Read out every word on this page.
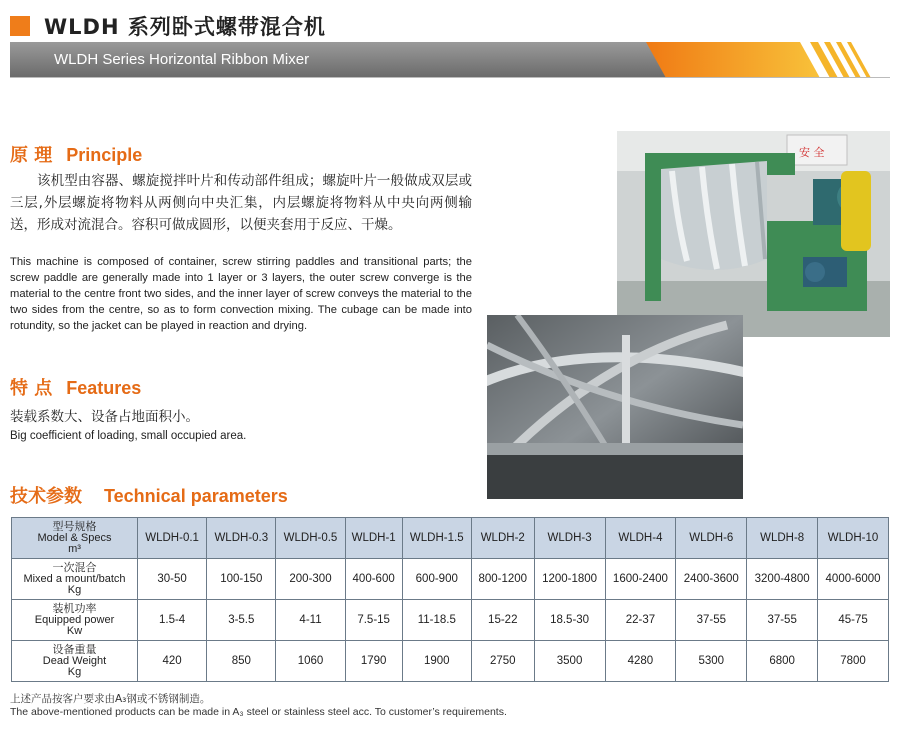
WLDH 系列卧式螺带混合机
WLDH Series Horizontal Ribbon Mixer
原 理 Principle
该机型由容器、螺旋搅拌叶片和传动部件组成；螺旋叶片一般做成双层或三层,外层螺旋将物料从两侧向中央汇集，内层螺旋将物料从中央向两侧输送，形成对流混合。容积可做成圆形，以便夹套用于反应、干燥。
This machine is composed of container, screw stirring paddles and transitional parts; the screw paddle are generally made into 1 layer or 3 layers, the outer screw converge is the material to the centre front two sides, and the inner layer of screw conveys the material to the two sides from the centre, so as to form convection mixing. The cubage can be made into rotundity, so the jacket can be played in reaction and drying.
特 点 Features
装载系数大、设备占地面积小。
Big coefficient of loading, small occupied area.
安 全
技术参数 Technical parameters
型号规格
Model & Specs
m³	WLDH-0.1	WLDH-0.3	WLDH-0.5	WLDH-1	WLDH-1.5	WLDH-2	WLDH-3	WLDH-4	WLDH-6	WLDH-8	WLDH-10

一次混合
Mixed a mount/batch
Kg	30-50	100-150	200-300	400-600	600-900	800-1200	1200-1800	1600-2400	2400-3600	3200-4800	4000-6000

装机功率
Equipped power
Kw	1.5-4	3-5.5	4-11	7.5-15	11-18.5	15-22	18.5-30	22-37	37-55	37-55	45-75

设备重量
Dead Weight
Kg	420	850	1060	1790	1900	2750	3500	4280	5300	6800	7800
上述产品按客户要求由A₃钢或不锈钢制造。
The above-mentioned products can be made in A₃ steel or stainless steel acc. To customer’s requirements.
